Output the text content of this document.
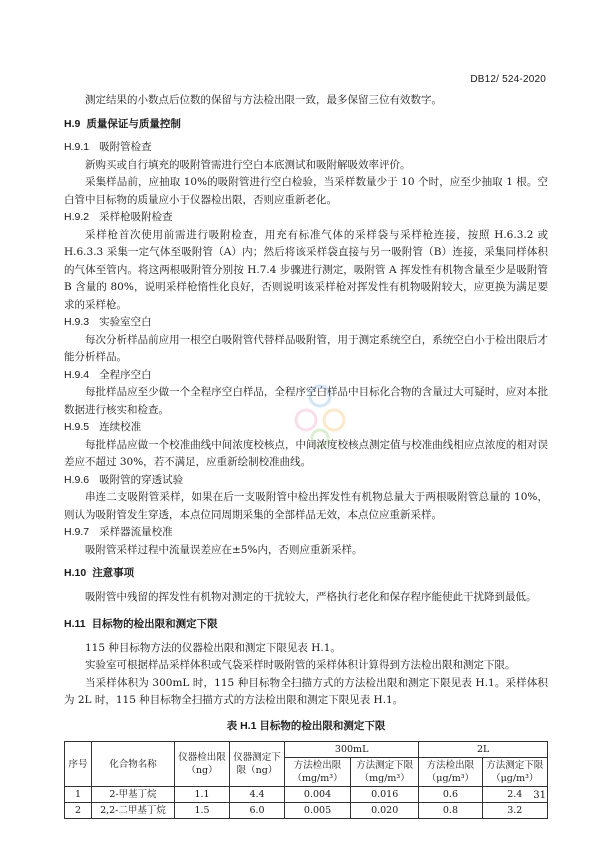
DB12/ 524-2020

测定结果的小数点后位数的保留与方法检出限一致，最多保留三位有效数字。

H.9 质量保证与质量控制
H.9.1 吸附管检查

新购买或自行填充的吸附管需进行空白本底测试和吸附解吸效率评价。

采集样品前，应抽取 10%的吸附管进行空白检验，当采样数量少于 10 个时，应至少抽取 1 根。空白管中目标物的质量应小于仪器检出限，否则应重新老化。

H.9.2 采样枪吸附检查

采样枪首次使用前需进行吸附检查，用充有标准气体的采样袋与采样枪连接，按照 H.6.3.2 或 H.6.3.3 采集一定气体至吸附管（A）内；然后将该采样袋直接与另一吸附管（B）连接，采集同样体积的气体至管内。将这两根吸附管分别按 H.7.4 步骤进行测定，吸附管 A 挥发性有机物含量至少是吸附管 B 含量的 80%，说明采样枪惰性化良好，否则说明该采样枪对挥发性有机物吸附较大，应更换为满足要求的采样枪。

H.9.3 实验室空白

每次分析样品前应用一根空白吸附管代替样品吸附管，用于测定系统空白，系统空白小于检出限后才能分析样品。

H.9.4 全程序空白

每批样品应至少做一个全程序空白样品，全程序空白样品中目标化合物的含量过大可疑时，应对本批数据进行核实和检查。

H.9.5 连续校准

每批样品应做一个校准曲线中间浓度校核点，中间浓度校核点测定值与校准曲线相应点浓度的相对误差应不超过 30%，若不满足，应重新绘制校准曲线。

H.9.6 吸附管的穿透试验

串连二支吸附管采样，如果在后一支吸附管中检出挥发性有机物总量大于两根吸附管总量的 10%，则认为吸附管发生穿透，本点位同周期采集的全部样品无效，本点位应重新采样。

H.9.7 采样器流量校准

吸附管采样过程中流量误差应在±5%内，否则应重新采样。

H.10 注意事项

吸附管中残留的挥发性有机物对测定的干扰较大，严格执行老化和保存程序能使此干扰降到最低。

H.11 目标物的检出限和测定下限

115 种目标物方法的仪器检出限和测定下限见表 H.1。

实验室可根据样品采样体积或气袋采样时吸附管的采样体积计算得到方法检出限和测定下限。

当采样体积为 300mL 时，115 种目标物全扫描方式的方法检出限和测定下限见表 H.1。采样体积为 2L 时，115 种目标物全扫描方式的方法检出限和测定下限见表 H.1。

表 H.1 目标物的检出限和测定下限
序号	化合物名称	仪器检出限（ng）	仪器测定下限（ng）	300mL		2L	
				方法检出限（mg/m³）	方法测定下限（mg/m³）	方法检出限（μg/m³）	方法测定下限（μg/m³）
1	2-甲基丁烷	1.1	4.4	0.004	0.016	0.6	2.4
2	2,2-二甲基丁烷	1.5	6.0	0.005	0.020	0.8	3.2
31
